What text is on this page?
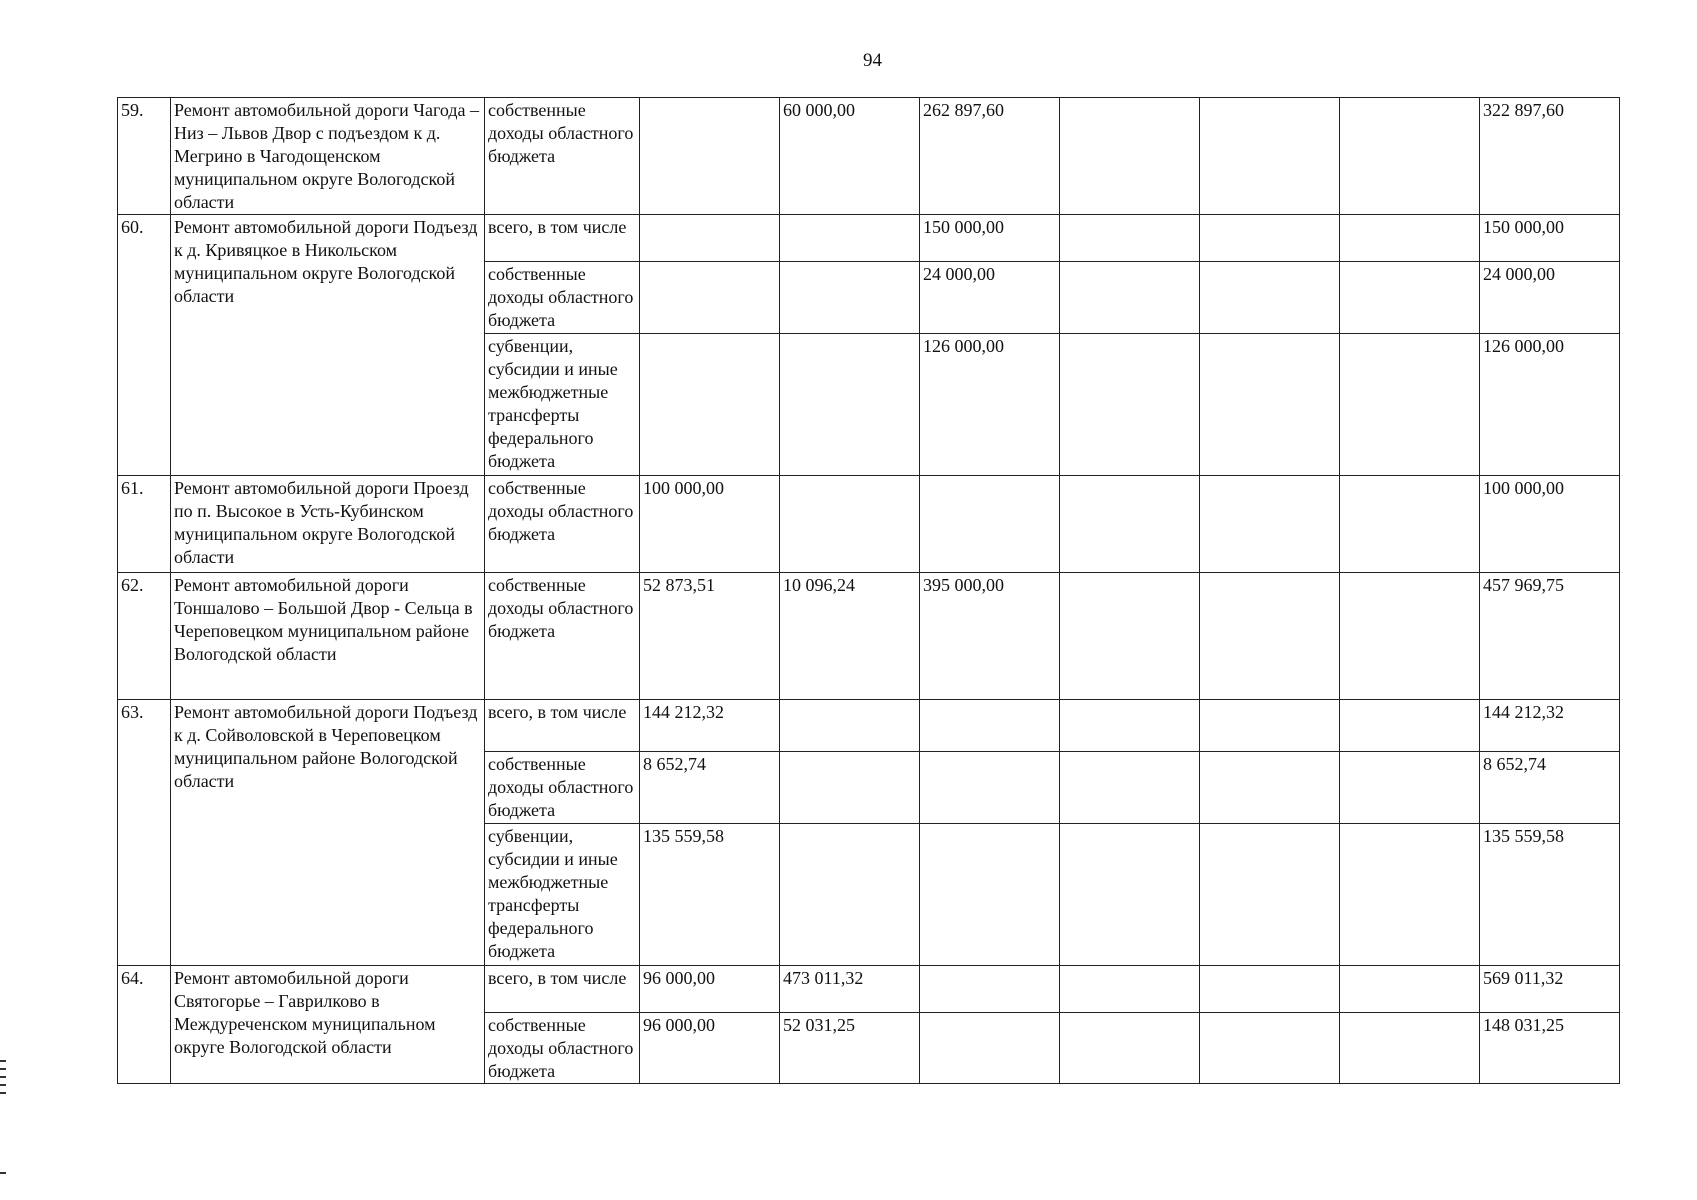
94
59.	Ремонт автомобильной дороги Чагода – Низ – Львов Двор с подъездом к д. Мегрино в Чагодощенском муниципальном округе Вологодской области	собственные доходы областного бюджета		60 000,00	262 897,60				322 897,60
60.	Ремонт автомобильной дороги Подъезд к д. Кривяцкое в Никольском муниципальном округе Вологодской области	всего, в том числе			150 000,00				150 000,00
		собственные доходы областного бюджета			24 000,00				24 000,00
		субвенции, субсидии и иные межбюджетные трансферты федерального бюджета			126 000,00				126 000,00
61.	Ремонт автомобильной дороги Проезд по п. Высокое в Усть-Кубинском муниципальном округе Вологодской области	собственные доходы областного бюджета	100 000,00						100 000,00
62.	Ремонт автомобильной дороги Тоншалово – Большой Двор - Сельца в Череповецком муниципальном районе Вологодской области	собственные доходы областного бюджета	52 873,51	10 096,24	395 000,00				457 969,75
63.	Ремонт автомобильной дороги Подъезд к д. Сойволовской в Череповецком муниципальном районе Вологодской области	всего, в том числе	144 212,32						144 212,32
		собственные доходы областного бюджета	8 652,74						8 652,74
		субвенции, субсидии и иные межбюджетные трансферты федерального бюджета	135 559,58						135 559,58
64.	Ремонт автомобильной дороги Святогорье – Гаврилково в Междуреченском муниципальном округе Вологодской области	всего, в том числе	96 000,00	473 011,32					569 011,32
		собственные доходы областного бюджета	96 000,00	52 031,25					148 031,25
